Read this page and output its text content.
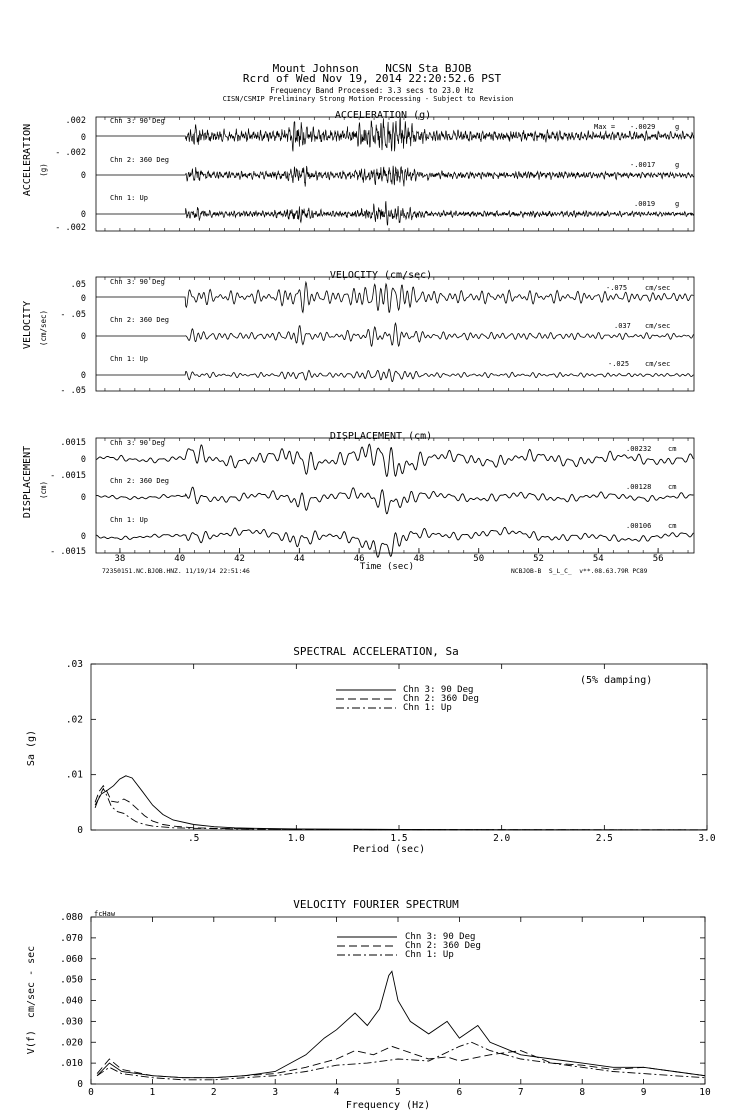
Mount Johnson    NCSN Sta BJOB
Rcrd of Wed Nov 19, 2014 22:20:52.6 PST
Frequency Band Processed: 3.3 secs to 23.0 Hz
CISN/CSMIP Preliminary Strong Motion Processing - Subject to Revision
ACCELERATION (g)
ACCELERATION (g)
Chn 3: 90 Deg
Max = -.0029	g
.002
0
- .002
Chn 2: 360 Deg
-.0017	g
0
Chn 1: Up
.0019	g
0
- .002
VELOCITY (cm/sec)
VELOCITY (cm/sec)
Chn 3: 90 Deg
-.075	cm/sec
.05
0
- .05	Chn 2: 360 Deg
.037 cm/sec
0
Chn 1: Up
-.025 cm/sec
0
- .05
DISPLACEMENT (cm)
DISPLACEMENT (cm)
Chn 3: 90 Deg
.00232 cm
.0015
0
- .0015	Chn 2: 360 Deg
.00128 cm
0
Chn 1: Up
.00106 cm
0
- .0015
38	40	42	44	46	48	50	52	54	56
Time (sec)
72350151.NC.BJOB.HNZ. 11/19/14 22:51:46	NCBJOB-B  S_L_C_  v**.08.63.79R PC89
SPECTRAL ACCELERATION, Sa
(5% damping)
Sa (g)
Period (sec)
0
.01
.02
.03
.5	1.0	1.5	2.0	2.5	3.0
Chn 3: 90 Deg
Chn 2: 360 Deg
Chn 1: Up
VELOCITY FOURIER SPECTRUM
fcHaw
V(f)  cm/sec - sec
Frequency (Hz)
0
.010
.020
.030
.040
.050
.060
.070
.080
0	1	2	3	4	5	6	7	8	9	10
Chn 3: 90 Deg
Chn 2: 360 Deg
Chn 1: Up
